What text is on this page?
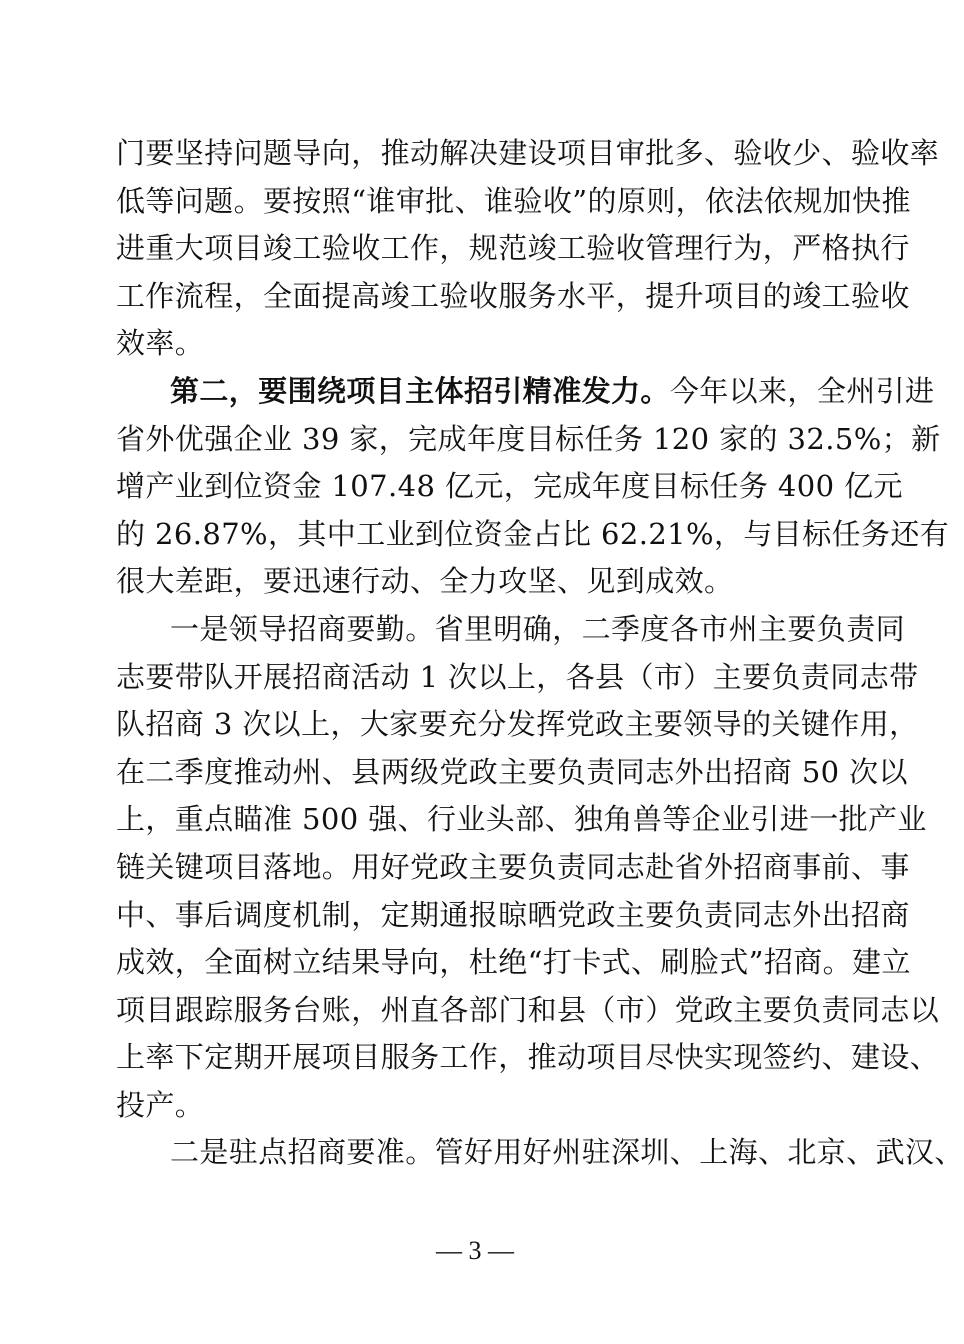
门要坚持问题导向，推动解决建设项目审批多、验收少、验收率
低等问题。要按照“谁审批、谁验收”的原则，依法依规加快推
进重大项目竣工验收工作，规范竣工验收管理行为，严格执行
工作流程，全面提高竣工验收服务水平，提升项目的竣工验收
效率。
第二，要围绕项目主体招引精准发力。今年以来，全州引进
省外优强企业 39 家，完成年度目标任务 120 家的 32.5%；新
增产业到位资金 107.48 亿元，完成年度目标任务 400 亿元
的 26.87%，其中工业到位资金占比 62.21%，与目标任务还有
很大差距，要迅速行动、全力攻坚、见到成效。
一是领导招商要勤。省里明确，二季度各市州主要负责同
志要带队开展招商活动 1 次以上，各县（市）主要负责同志带
队招商 3 次以上，大家要充分发挥党政主要领导的关键作用，
在二季度推动州、县两级党政主要负责同志外出招商 50 次以
上，重点瞄准 500 强、行业头部、独角兽等企业引进一批产业
链关键项目落地。用好党政主要负责同志赴省外招商事前、事
中、事后调度机制，定期通报晾晒党政主要负责同志外出招商
成效，全面树立结果导向，杜绝“打卡式、刷脸式”招商。建立
项目跟踪服务台账，州直各部门和县（市）党政主要负责同志以
上率下定期开展项目服务工作，推动项目尽快实现签约、建设、
投产。
二是驻点招商要准。管好用好州驻深圳、上海、北京、武汉、
— 3 —
